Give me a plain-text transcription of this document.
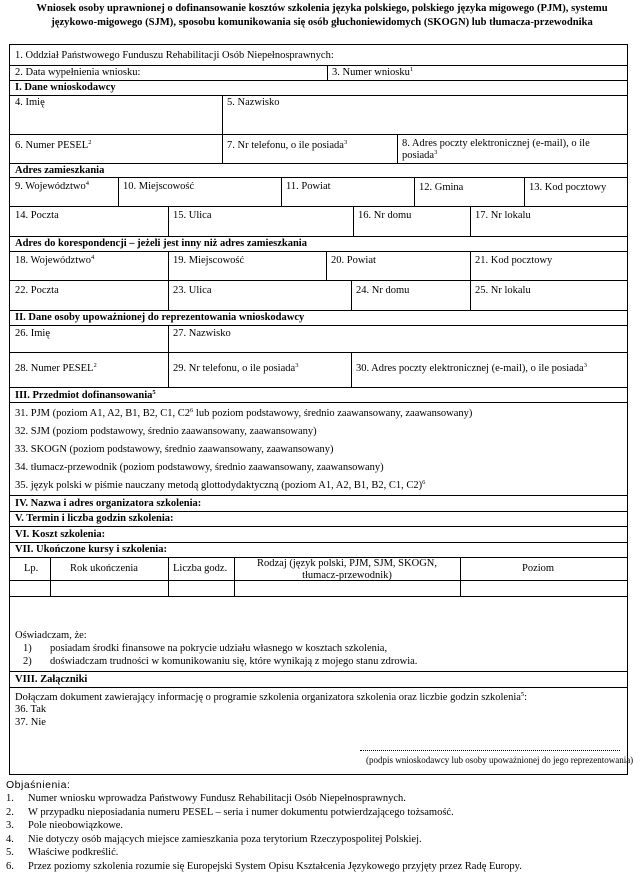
Wniosek osoby uprawnionej o dofinansowanie kosztów szkolenia języka polskiego, polskiego języka migowego (PJM), systemu
językowo-migowego (SJM), sposobu komunikowania się osób głuchoniewidomych (SKOGN) lub tłumacza-przewodnika
1. Oddział Państwowego Funduszu Rehabilitacji Osób Niepełnosprawnych:
2. Data wypełnienia wniosku:	3. Numer wniosku$^1$
I. Dane wnioskodawcy
4. Imię	5. Nazwisko
6. Numer PESEL$^2$	7. Nr telefonu, o ile posiada$^3$	8. Adres poczty elektronicznej (e-mail), o ile
posiada$^3$
Adres zamieszkania
9. Województwo$^4$	10. Miejscowość	11. Powiat	12. Gmina	13. Kod pocztowy
14. Poczta	15. Ulica	16. Nr domu	17. Nr lokalu
Adres do korespondencji – jeżeli jest inny niż adres zamieszkania
18. Województwo$^4$	19. Miejscowość	20. Powiat	21. Kod pocztowy
22. Poczta	23. Ulica	24. Nr domu	25. Nr lokalu
II. Dane osoby upoważnionej do reprezentowania wnioskodawcy
26. Imię	27. Nazwisko
28. Numer PESEL$^2$	29. Nr telefonu, o ile posiada$^3$	30. Adres poczty elektronicznej (e-mail), o ile posiada$^3$
III. Przedmiot dofinansowania$^5$
31. PJM (poziom A1, A2, B1, B2, C1, $C2^6$ lub poziom podstawowy, średnio zaawansowany, zaawansowany)
32. SJM (poziom podstawowy, średnio zaawansowany, zaawansowany)
33. SKOGN (poziom podstawowy, średnio zaawansowany, zaawansowany)
34. tłumacz-przewodnik (poziom podstawowy, średnio zaawansowany, zaawansowany)
35. język polski w piśmie nauczany metodą glottodydaktyczną (poziom A1, A2, B1, B2, C1, C2)$^6$
IV. Nazwa i adres organizatora szkolenia:
V. Termin i liczba godzin szkolenia:
VI. Koszt szkolenia:
VII. Ukończone kursy i szkolenia:
Lp.	Rok ukończenia	Liczba godz.	Rodzaj (język polski, PJM, SJM, SKOGN,
tłumacz-przewodnik)
Poziom
Oświadczam, że:
1) posiadam środki finansowe na pokrycie udziału własnego w kosztach szkolenia,
2) doświadczam trudności w komunikowaniu się, które wynikają z mojego stanu zdrowia.
VIII. Załączniki
Dołączam dokument zawierający informację o programie szkolenia organizatora szkolenia oraz liczbie godzin szkolenia$^5$:
36. Tak
37. Nie
(podpis wnioskodawcy lub osoby upoważnionej do jego reprezentowania)
Objaśnienia:
1. Numer wniosku wprowadza Państwowy Fundusz Rehabilitacji Osób Niepełnosprawnych.
2. W przypadku nieposiadania numeru PESEL – seria i numer dokumentu potwierdzającego tożsamość.
3. Pole nieobowiązkowe.
4. Nie dotyczy osób mających miejsce zamieszkania poza terytorium Rzeczypospolitej Polskiej.
5. Właściwe podkreślić.
6. Przez poziomy szkolenia rozumie się Europejski System Opisu Kształcenia Językowego przyjęty przez Radę Europy.
